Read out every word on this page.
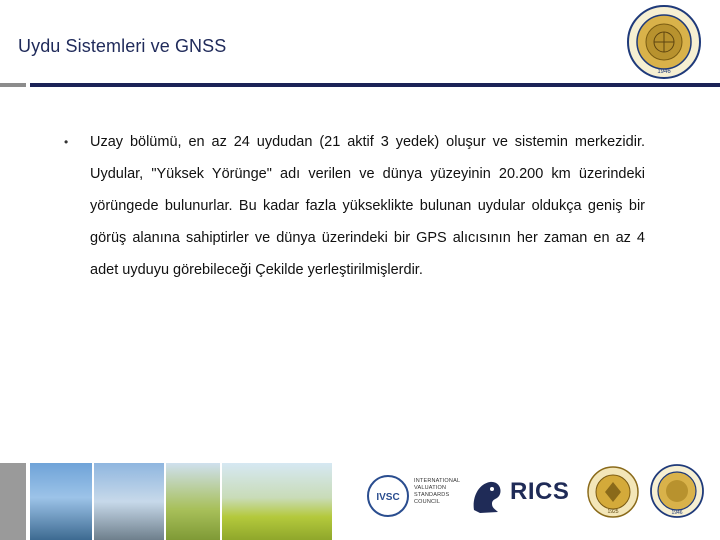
Uydu Sistemleri ve GNSS
1946
• Uzay bölümü, en az 24 uydudan (21 aktif 3 yedek) oluşur ve sistemin merkezidir. Uydular, "Yüksek Yörünge" adı verilen ve dünya yüzeyinin 20.200 km üzerindeki yörüngede bulunurlar. Bu kadar fazla yükseklikte bulunan uydular oldukça geniş bir görüş alanına sahiptirler ve dünya üzerindeki bir GPS alıcısının her zaman en az 4 adet uyduyu görebileceği Çekilde yerleştirilmişlerdir.
IVSC
INTERNATIONAL
VALUATION
STANDARDS
COUNCIL	RICS
1925	1946
